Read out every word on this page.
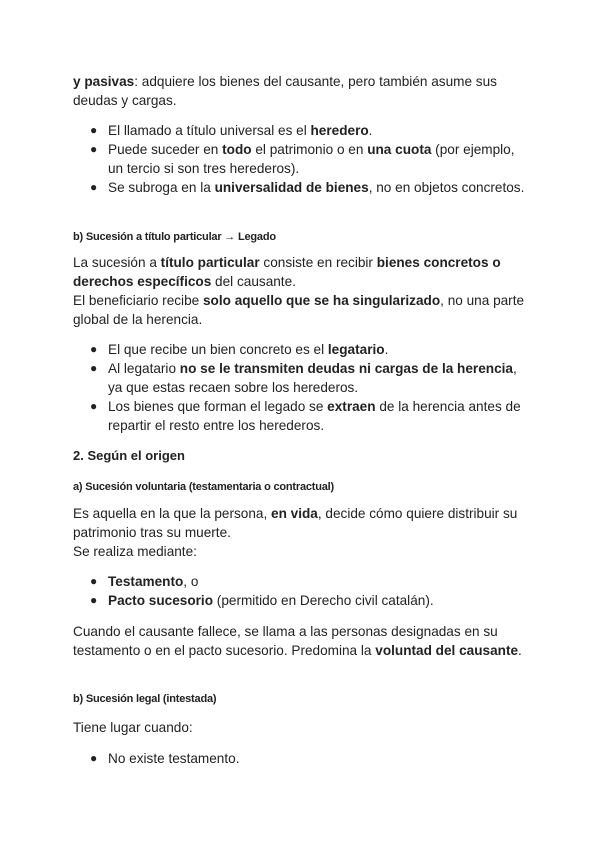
y pasivas: adquiere los bienes del causante, pero también asume sus deudas y cargas.

● El llamado a título universal es el heredero.
● Puede suceder en todo el patrimonio o en una cuota (por ejemplo, un tercio si son tres herederos).
● Se subroga en la universalidad de bienes, no en objetos concretos.
b) Sucesión a título particular → Legado

La sucesión a título particular consiste en recibir bienes concretos o derechos específicos del causante.
El beneficiario recibe solo aquello que se ha singularizado, no una parte global de la herencia.

● El que recibe un bien concreto es el legatario.
● Al legatario no se le transmiten deudas ni cargas de la herencia, ya que estas recaen sobre los herederos.
● Los bienes que forman el legado se extraen de la herencia antes de repartir el resto entre los herederos.
2. Según el origen
a) Sucesión voluntaria (testamentaria o contractual)

Es aquella en la que la persona, en vida, decide cómo quiere distribuir su patrimonio tras su muerte.
Se realiza mediante:

● Testamento, o
● Pacto sucesorio (permitido en Derecho civil catalán).

Cuando el causante fallece, se llama a las personas designadas en su testamento o en el pacto sucesorio. Predomina la voluntad del causante.

b) Sucesión legal (intestada)

Tiene lugar cuando:

● No existe testamento.
